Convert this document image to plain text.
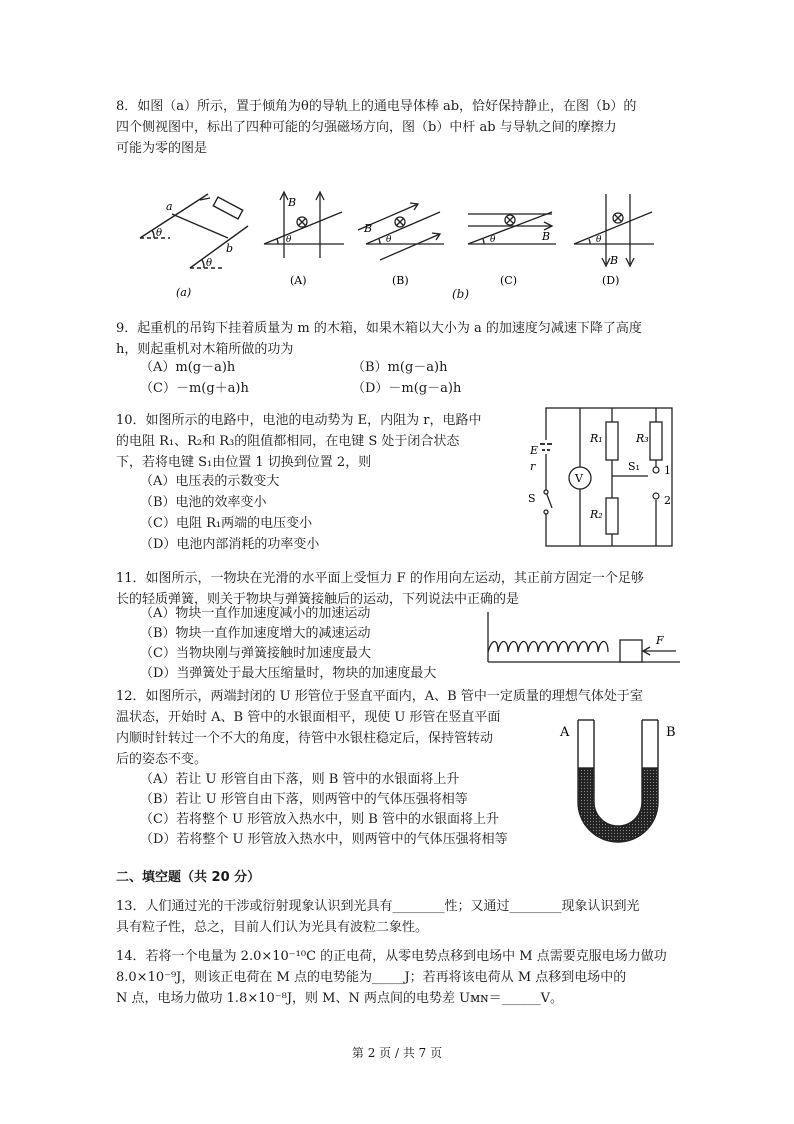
8．如图（a）所示，置于倾角为θ的导轨上的通电导体棒 ab，恰好保持静止，在图（b）的
四个侧视图中，标出了四种可能的匀强磁场方向，图（b）中杆 ab 与导轨之间的摩擦力
可能为零的图是
a
b
θ
θ
(a)
B
θ
(A)
B
θ
(B)
B
θ
(C)
B
θ
(D)
(b)
9．起重机的吊钩下挂着质量为 m 的木箱，如果木箱以大小为 a 的加速度匀减速下降了高度
h，则起重机对木箱所做的功为
（A）m(g－a)h	（B）m(g－a)h
（C）－m(g＋a)h	（D）－m(g－a)h
10．如图所示的电路中，电池的电动势为 E，内阻为 r，电路中
的电阻 R₁、R₂和 R₃的阻值都相同，在电键 S 处于闭合状态
下，若将电键 S₁由位置 1 切换到位置 2，则
（A）电压表的示数变大
（B）电池的效率变小
（C）电阻 R₁两端的电压变小
（D）电池内部消耗的功率变小
E
r
S
V
R₁	R₃
R₂
S₁ 1
2
11．如图所示，一物块在光滑的水平面上受恒力 F 的作用向左运动，其正前方固定一个足够
长的轻质弹簧，则关于物块与弹簧接触后的运动，下列说法中正确的是
（A）物块一直作加速度减小的加速运动
（B）物块一直作加速度增大的减速运动
（C）当物块刚与弹簧接触时加速度最大
（D）当弹簧处于最大压缩量时，物块的加速度最大
F
12．如图所示，两端封闭的 U 形管位于竖直平面内，A、B 管中一定质量的理想气体处于室
温状态，开始时 A、B 管中的水银面相平，现使 U 形管在竖直平面
内顺时针转过一个不大的角度，待管中水银柱稳定后，保持管转动
后的姿态不变。
（A）若让 U 形管自由下落，则 B 管中的水银面将上升
（B）若让 U 形管自由下落，则两管中的气体压强将相等
（C）若将整个 U 形管放入热水中，则 B 管中的水银面将上升
（D）若将整个 U 形管放入热水中，则两管中的气体压强将相等
A	B
二、填空题（共 20 分）
13．人们通过光的干涉或衍射现象认识到光具有________性；又通过________现象认识到光
具有粒子性，总之，目前人们认为光具有波粒二象性。
14．若将一个电量为 2.0×10⁻¹⁰C 的正电荷，从零电势点移到电场中 M 点需要克服电场力做功
8.0×10⁻⁹J，则该正电荷在 M 点的电势能为_____J；若再将该电荷从 M 点移到电场中的
N 点，电场力做功 1.8×10⁻⁸J，则 M、N 两点间的电势差 Uᴍɴ＝______V。
第 2 页 / 共 7 页
